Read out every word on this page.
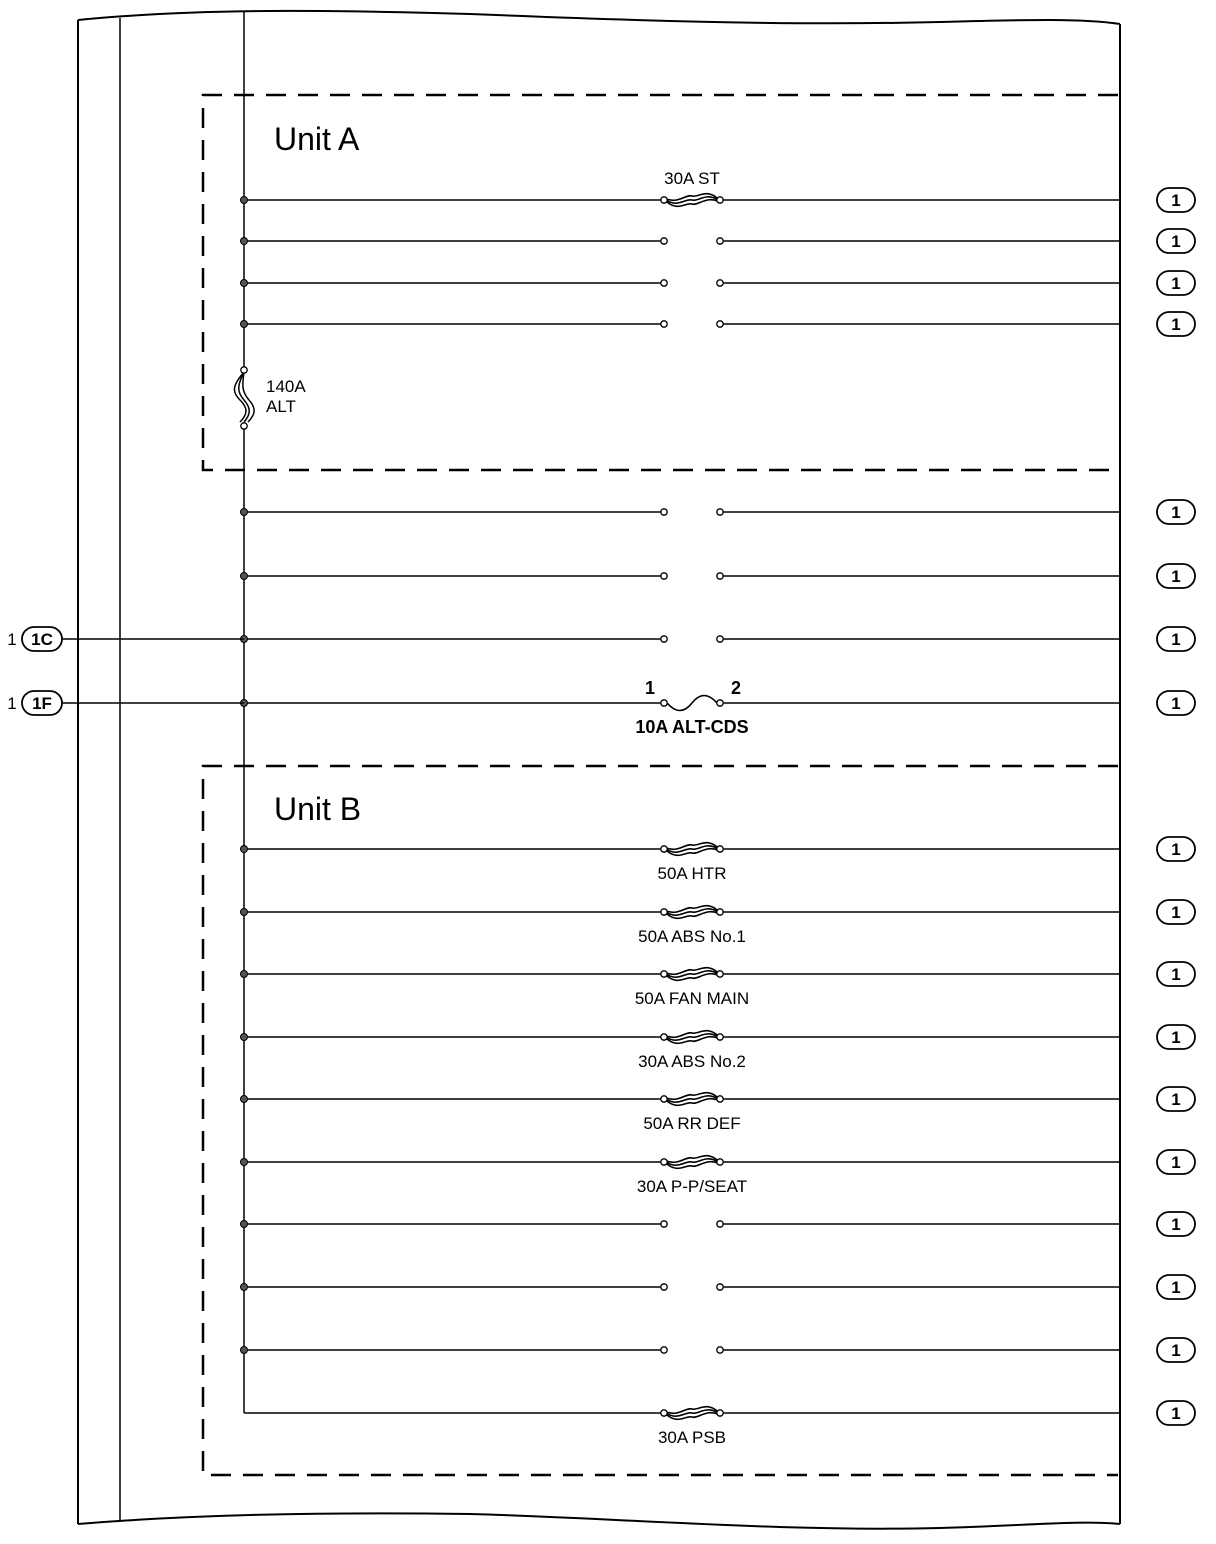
Unit A
Unit B
140A
ALT
30A ST
1
1
1
1
1
1
1
1 1C
10A ALT-CDS
1	2
1
1 1F
50A HTR
1
50A ABS No.1
1
50A FAN MAIN
1
30A ABS No.2
1
50A RR DEF
1
30A P-P/SEAT
1
1
1
1
30A PSB
1
